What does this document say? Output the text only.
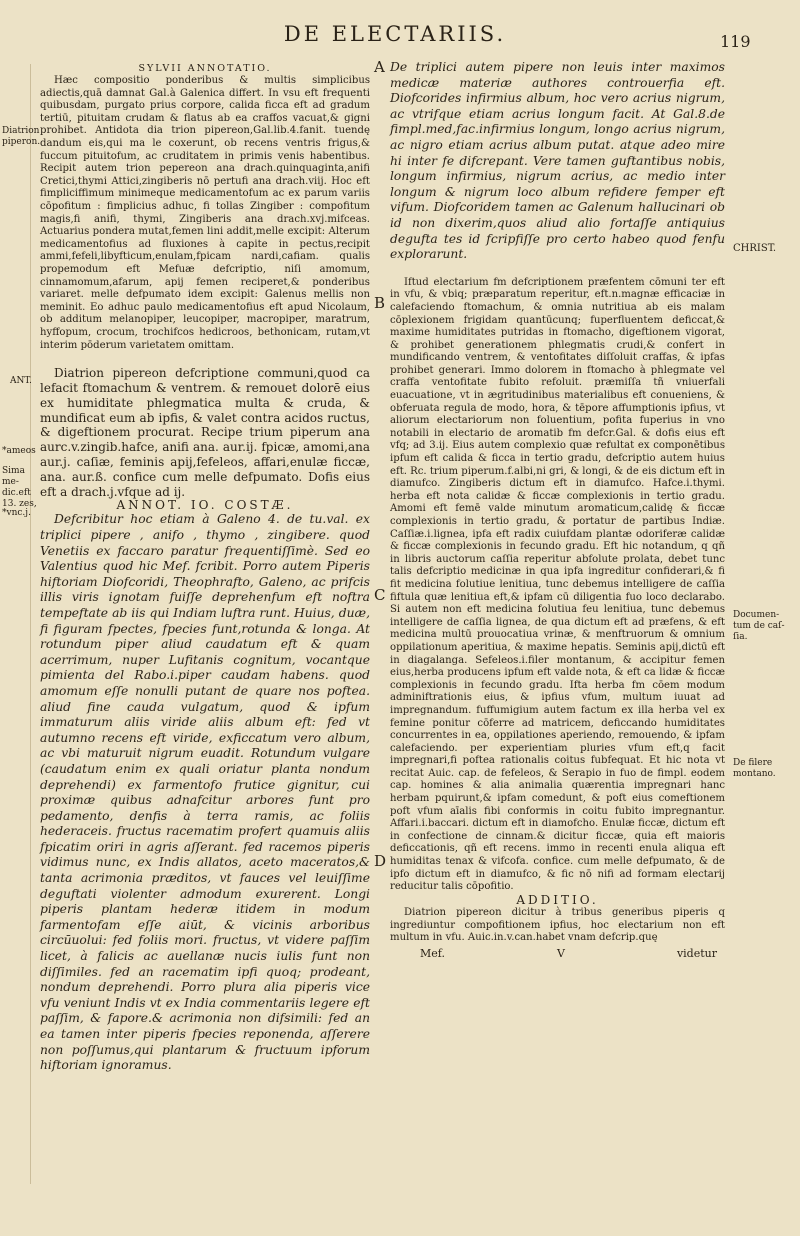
DE ELECTARIIS.	119

SYLVII ANNOTATIO.

Hæc compositio ponderibus & multis simplicibus adiectis,quā damnat Gal.à Galenica differt. In vsu eft frequenti quibusdam, purgato prius corpore, calida ficca eft ad gradum tertiū, pituitam crudam & flatus ab ea craffos vacuat,& gigni prohibet. Antidota dia trion pipereon,Gal.lib.4.fanit. tuendę dandum eis,qui ma le coxerunt, ob recens ventris frigus,& fuccum pituitofum, ac cruditatem in primis venis habentibus. Recipit autem trion pepereon ana drach.quinquaginta,anifi Cretici,thymi Attici,zingiberis nō pertufi ana drach.viij. Hoc eft fimpliciffimum minimeque medicamentofum ac ex parum variis cōpofitum : fimplicius adhuc, fi tollas Zingiber : compofitum magis,fi anifi, thymi, Zingiberis ana drach.xvj.mifceas. Actuarius pondera mutat,femen lini addit,melle excipit: Alterum medicamentofius ad fluxiones à capite in pectus,recipit ammi,fefeli,libyfticum,enulam,fpicam nardi,cafiam. qualis propemodum eft Mefuæ defcriptio, niſi amomum, cinnamomum,afarum, apij femen reciperet,& ponderibus variaret. melle defpumato idem excipit: Galenus mellis non meminit. Eo adhuc paulo medicamentofius eft apud Nicolaum, ob additum melanopiper, leucopiper, macropiper, maratrum, hyffopum, crocum, trochifcos hedicroos, bethonicam, rutam,vt interim pōderum varietatem omittam.

Diatrion pipereon defcriptione communi,quod ca lefacit ftomachum & ventrem. & remouet dolorē eius ex humiditate phlegmatica multa & cruda, & mundificat eum ab ipfis, & valet contra acidos ructus, & digeftionem procurat. Recipe trium piperum ana aurc.v.zingib.hafce, anifi ana. aur.ij. fpicæ, amomi,ana aur.j. caſiæ, feminis apij,fefeleos, affari,enulæ ficcæ, ana. aur.ß. confice cum melle defpumato. Dofis eius eft a drach.j.vfque ad ij.

ANNOT. IO. COSTÆ.

Defcribitur hoc etiam à Galeno 4. de tu.val. ex triplici pipere , anifo , thymo , zingibere. quod Venetiis ex faccaro paratur frequentiſſimè. Sed eo Valentius quod hic Mef. fcribit. Porro autem Piperis hiftoriam Diofcoridi, Theophrafto, Galeno, ac prifcis illis viris ignotam fuiſſe deprehenfum eft noftra tempeftate ab iis qui Indiam luftra runt. Huius, duæ, fi figuram fpectes, fpecies funt,rotunda & longa. At rotundum piper aliud caudatum eft & quam acerrimum, nuper Lufitanis cognitum, vocantque pimienta del Rabo.i.piper caudam habens. quod amomum eſſe nonulli putant de quare nos poftea. aliud fine cauda vulgatum, quod & ipfum immaturum aliis viride aliis album eft: fed vt autumno recens eft viride, exficcatum vero album, ac vbi maturuit nigrum euadit. Rotundum vulgare (caudatum enim ex quali oriatur planta nondum deprehendi) ex farmentofo frutice gignitur, cui proximæ quibus adnafcitur arbores funt pro pedamento, denfis à terra ramis, ac foliis hederaceis. fructus racematim profert quamuis aliis fpicatim oriri in agris aſſerant. fed racemos piperis vidimus nunc, ex Indis allatos, aceto maceratos,& tanta acrimonia præditos, vt fauces vel leuiſſime deguftati violenter admodum exurerent. Longi piperis plantam hederæ itidem in modum farmentofam eſſe aiūt, & vicinis arboribus circūuolui: fed foliis mori. fructus, vt videre paſſim licet, à falicis ac auellanæ nucis iulis funt non diſſimiles. fed an racematim ipfi quoq; prodeant, nondum deprehendi. Porro plura alia piperis vice vfu veniunt Indis vt ex India commentariis legere eft paſſim, & fapore.& acrimonia non difsimili: fed an ea tamen inter piperis fpecies reponenda, aſſerere non poſſumus,qui plantarum & fructuum ipforum hiftoriam ignoramus.

De triplici autem pipere non leuis inter maximos medicæ materiæ authores controuerfia eft. Diofcorides infirmius album, hoc vero acrius nigrum, ac vtrifque etiam acrius longum facit. At Gal.8.de fimpl.med,fac.infirmius longum, longo acrius nigrum, ac nigro etiam acrius album putat. atque adeo mire hi inter fe difcrepant. Vere tamen guftantibus nobis, longum infirmius, nigrum acrius, ac medio inter longum & nigrum loco album refidere femper eft vifum. Diofcoridem tamen ac Galenum hallucinari ob id non dixerim,quos aliud alio fortaſſe antiquius degufta tes id fcripfiſſe pro certo habeo quod fenfu explorarunt.

Iftud electarium fm defcriptionem præfentem cōmuni ter eft in vfu, & vbiq; præparatum reperitur, eft.n.magnæ efficaciæ in calefaciendo ftomachum, & omnia nutritiua ab eis malam cōplexionem frigidam quantūcunq; fuperfluentem deficcat,& maxime humiditates putridas in ftomacho, digeftionem vigorat, & prohibet generationem phlegmatis crudi,& confert in mundificando ventrem, & ventofitates diſſoluit craffas, & ipfas prohibet generari. Immo dolorem in ftomacho à phlegmate vel craffa ventofitate fubito refoluit. præmiſſa tñ vniuerfali euacuatione, vt in ægritudinibus materialibus eft conueniens, & obferuata regula de modo, hora, & tēpore affumptionis ipfius, vt aliorum electariorum non foluentium, pofita fuperius in vno notabili in electario de aromatib fm defcr.Gal. & dofis eius eft vfq; ad 3.ij. Eius autem complexio quæ refultat ex componētibus ipfum eft calida & ficca in tertio gradu, defcriptio autem huius eft. Rc. trium piperum.f.albi,ni gri, & longi, & de eis dictum eft in diamufco. Zingiberis dictum eft in diamufco. Hafce.i.thymi. herba eft nota calidæ & ficcæ complexionis in tertio gradu. Amomi eft femē valde minutum aromaticum,calidę & ficcæ complexionis in tertio gradu, & portatur de partibus Indiæ. Caſſiæ.i.lignea, ipfa eft radix cuiufdam plantæ odoriferæ calidæ & ficcæ complexionis in fecundo gradu. Eft hic notandum, q qñ in libris auctorum caſſia reperitur abfolute prolata, debet tunc talis defcriptio medicinæ in qua ipfa ingreditur confiderari,& fi fit medicina folutiue lenitiua, tunc debemus intelligere de caſſia fiftula quæ lenitiua eft,& ipfam cū diligentia fuo loco declarabo. Si autem non eft medicina folutiua feu lenitiua, tunc debemus intelligere de caſſia lignea, de qua dictum eft ad præfens, & eft medicina multū prouocatiua vrinæ, & menftruorum & omnium oppilationum aperitiua, & maxime hepatis. Seminis apij,dictū eft in diagalanga. Sefeleos.i.filer montanum, & accipitur femen eius,herba producens ipfum eft valde nota, & eft ca lidæ & ficcæ complexionis in fecundo gradu. Ifta herba fm cōem modum adminiftrationis eius, & ipfius vfum, multum iuuat ad impregnandum. fuffumigium autem factum ex illa herba vel ex femine ponitur cōferre ad matricem, deficcando humiditates concurrentes in ea, oppilationes aperiendo, remouendo, & ipfam calefaciendo. per experientiam pluries vfum eft,q facit impregnari,fi poftea rationalis coitus fubfequat. Et hic nota vt recitat Auic. cap. de fefeleos, & Serapio in fuo de fimpl. eodem cap. homines & alia animalia quærentia impregnari hanc herbam pquirunt,& ipfam comedunt, & poft eius comeftionem poft vfum aīalis fibi conformis in coitu fubito impregnantur. Affari.i.baccari. dictum eft in diamofcho. Enulæ ficcæ, dictum eft in confectione de cinnam.& dicitur ficcæ, quia eft maioris deficcationis, qñ eft recens. immo in recenti enula aliqua eft humiditas tenax & vifcofa. confice. cum melle defpumato, & de ipfo dictum eft in diamufco, & fic nō nifi ad formam electarij reducitur talis cōpofitio.

ADDITIO.

Diatrion pipereon dicitur à tribus generibus piperis q ingrediuntur compofitionem ipfius, hoc electarium non eft multum in vfu. Auic.in.v.can.habet vnam defcrip.quę

Mef.	V	videtur
Diatrion piperon.
ANT.
*ameos
Sima me- dic.eft 13. zes,
*vnc.j.
CHRIST.
Documen- tum de caſ- ſia.
De filere montano.
A
B
C
D
